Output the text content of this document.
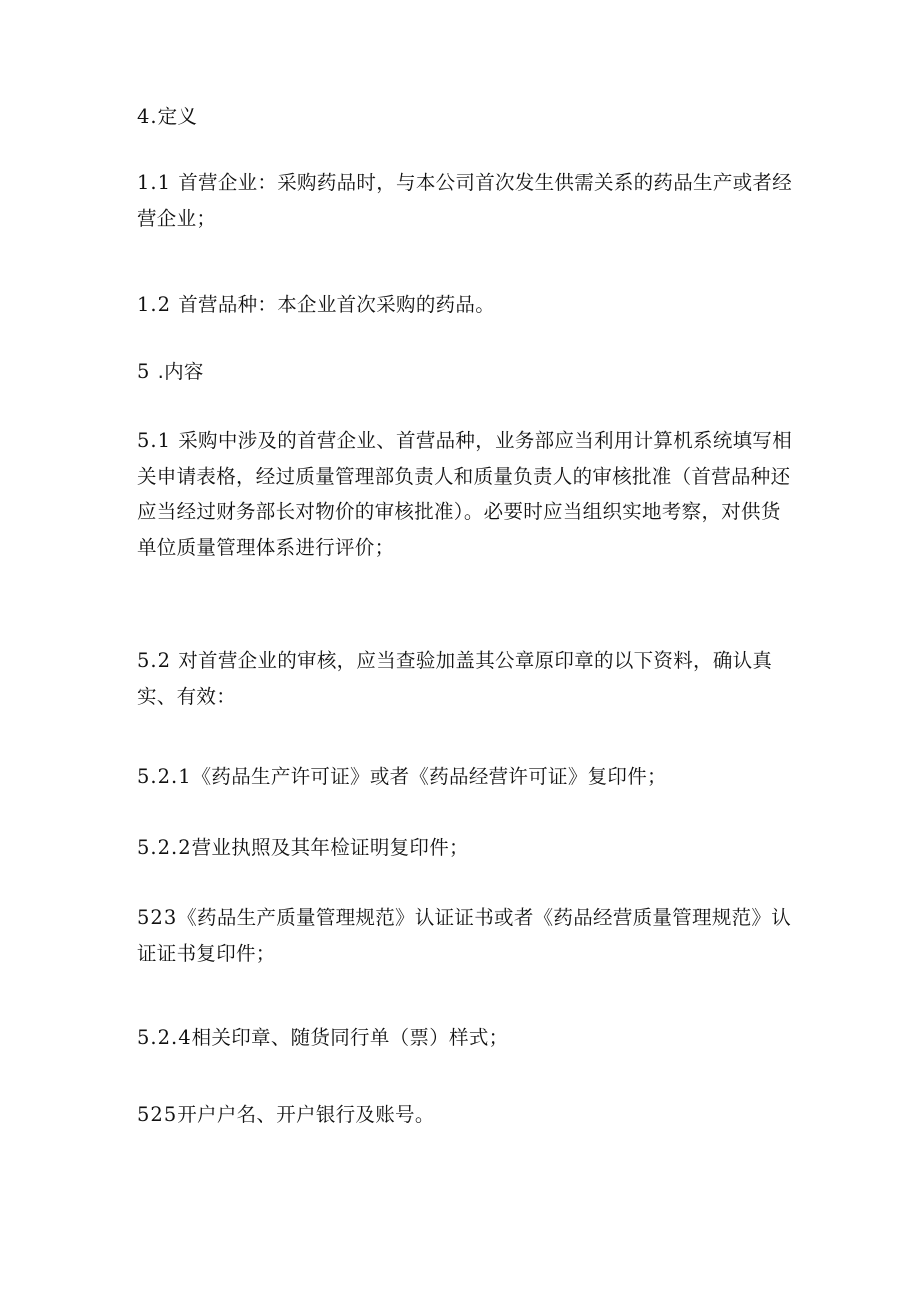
4.定义

1.1 首营企业：采购药品时，与本公司首次发生供需关系的药品生产或者经营企业；

1.2 首营品种：本企业首次采购的药品。

5 .内容

5.1 采购中涉及的首营企业、首营品种，业务部应当利用计算机系统填写相关申请表格，经过质量管理部负责人和质量负责人的审核批准（首营品种还应当经过财务部长对物价的审核批准）。必要时应当组织实地考察，对供货单位质量管理体系进行评价；

5.2 对首营企业的审核，应当查验加盖其公章原印章的以下资料，确认真实、有效：

5.2.1《药品生产许可证》或者《药品经营许可证》复印件；

5.2.2营业执照及其年检证明复印件；

523《药品生产质量管理规范》认证证书或者《药品经营质量管理规范》认证证书复印件；

5.2.4相关印章、随货同行单（票）样式；

525开户户名、开户银行及账号。
